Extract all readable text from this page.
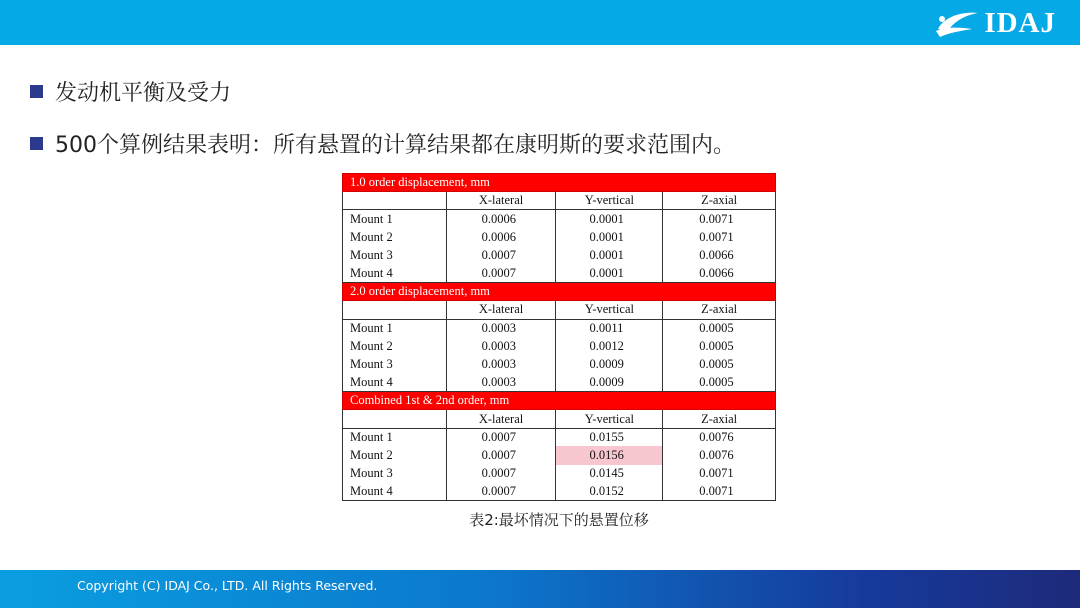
IDAJ
发动机平衡及受力
500个算例结果表明：所有悬置的计算结果都在康明斯的要求范围内。
1.0 order displacement, mm			
	X-lateral	Y-vertical	Z-axial
Mount 1	0.0006	0.0001	0.0071
Mount 2	0.0006	0.0001	0.0071
Mount 3	0.0007	0.0001	0.0066
Mount 4	0.0007	0.0001	0.0066
2.0 order displacement, mm			
	X-lateral	Y-vertical	Z-axial
Mount 1	0.0003	0.0011	0.0005
Mount 2	0.0003	0.0012	0.0005
Mount 3	0.0003	0.0009	0.0005
Mount 4	0.0003	0.0009	0.0005
Combined 1st & 2nd order, mm			
	X-lateral	Y-vertical	Z-axial
Mount 1	0.0007	0.0155	0.0076
Mount 2	0.0007	0.0156	0.0076
Mount 3	0.0007	0.0145	0.0071
Mount 4	0.0007	0.0152	0.0071
表2:最坏情况下的悬置位移
Copyright (C) IDAJ Co., LTD. All Rights Reserved.
